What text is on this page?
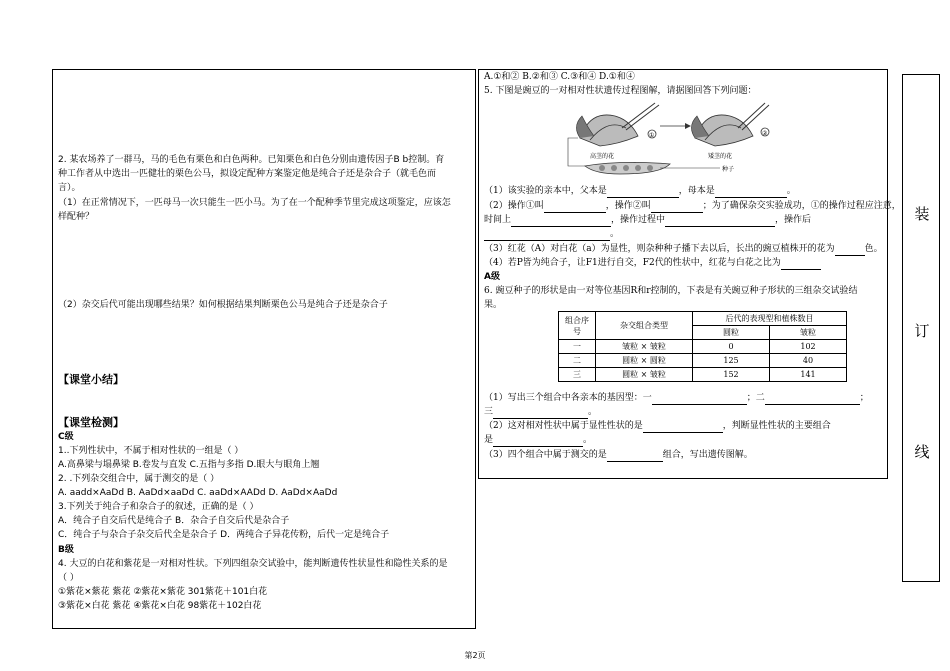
装
订
线
2. 某农场养了一群马，马的毛色有栗色和白色两种。已知栗色和白色分别由遗传因子B b控制。育
种工作者从中选出一匹健壮的栗色公马，拟设定配种方案鉴定他是纯合子还是杂合子（就毛色而
言）。
（1）在正常情况下，一匹母马一次只能生一匹小马。为了在一个配种季节里完成这项鉴定，应该怎
样配种？
（2）杂交后代可能出现哪些结果？如何根据结果判断栗色公马是纯合子还是杂合子
【课堂小结】
【课堂检测】
C级
1..下列性状中，不属于相对性状的一组是（ ）
A.高鼻梁与塌鼻梁 B.卷发与直发 C.五指与多指 D.眼大与眼角上翘
2. .下列杂交组合中，属于测交的是（ ）
A. aadd×AaDd B. AaDd×aaDd C. aaDd×AADd D. AaDd×AaDd
3.下列关于纯合子和杂合子的叙述，正确的是（ ）
A．纯合子自交后代是纯合子 B．杂合子自交后代是杂合子
C．纯合子与杂合子杂交后代全是杂合子 D．两纯合子异花传粉，后代一定是纯合子
B级
4. 大豆的白花和紫花是一对相对性状。下列四组杂交试验中，能判断遗传性状显性和隐性关系的是
（ ）
①紫花×紫花 紫花 ②紫花×紫花 301紫花＋101白花
③紫花×白花 紫花 ④紫花×白花 98紫花＋102白花
A.①和② B.②和③ C.③和④ D.①和④
5. 下图是豌豆的一对相对性状遗传过程图解，请据图回答下列问题：
①
高茎的花
②
矮茎的花
种子
（1）该实验的亲本中，父本是	，母本是	。
（2）操作①叫	，操作②叫	；为了确保杂交实验成功，①的操作过程应注意，
时间上	，操作过程中	，操作后
。
（3）红花（A）对白花（a）为显性，则杂种种子播下去以后，长出的豌豆植株开的花为	色。
（4）若P皆为纯合子，让F1进行自交，F2代的性状中，红花与白花之比为
A级
6. 豌豆种子的形状是由一对等位基因R和r控制的，下表是有关豌豆种子形状的三组杂交试验结
果。
组合序号	杂交组合类型	后代的表现型和植株数目	
		圆粒	皱粒
一	皱粒 × 皱粒	0	102
二	圆粒 × 圆粒	125	40
三	圆粒 × 皱粒	152	141
（1）写出三个组合中各亲本的基因型：一	；二	；
三	。
（2）这对相对性状中属于显性性状的是	，判断显性性状的主要组合
是	。
（3）四个组合中属于测交的是	组合，写出遗传图解。
第2页
